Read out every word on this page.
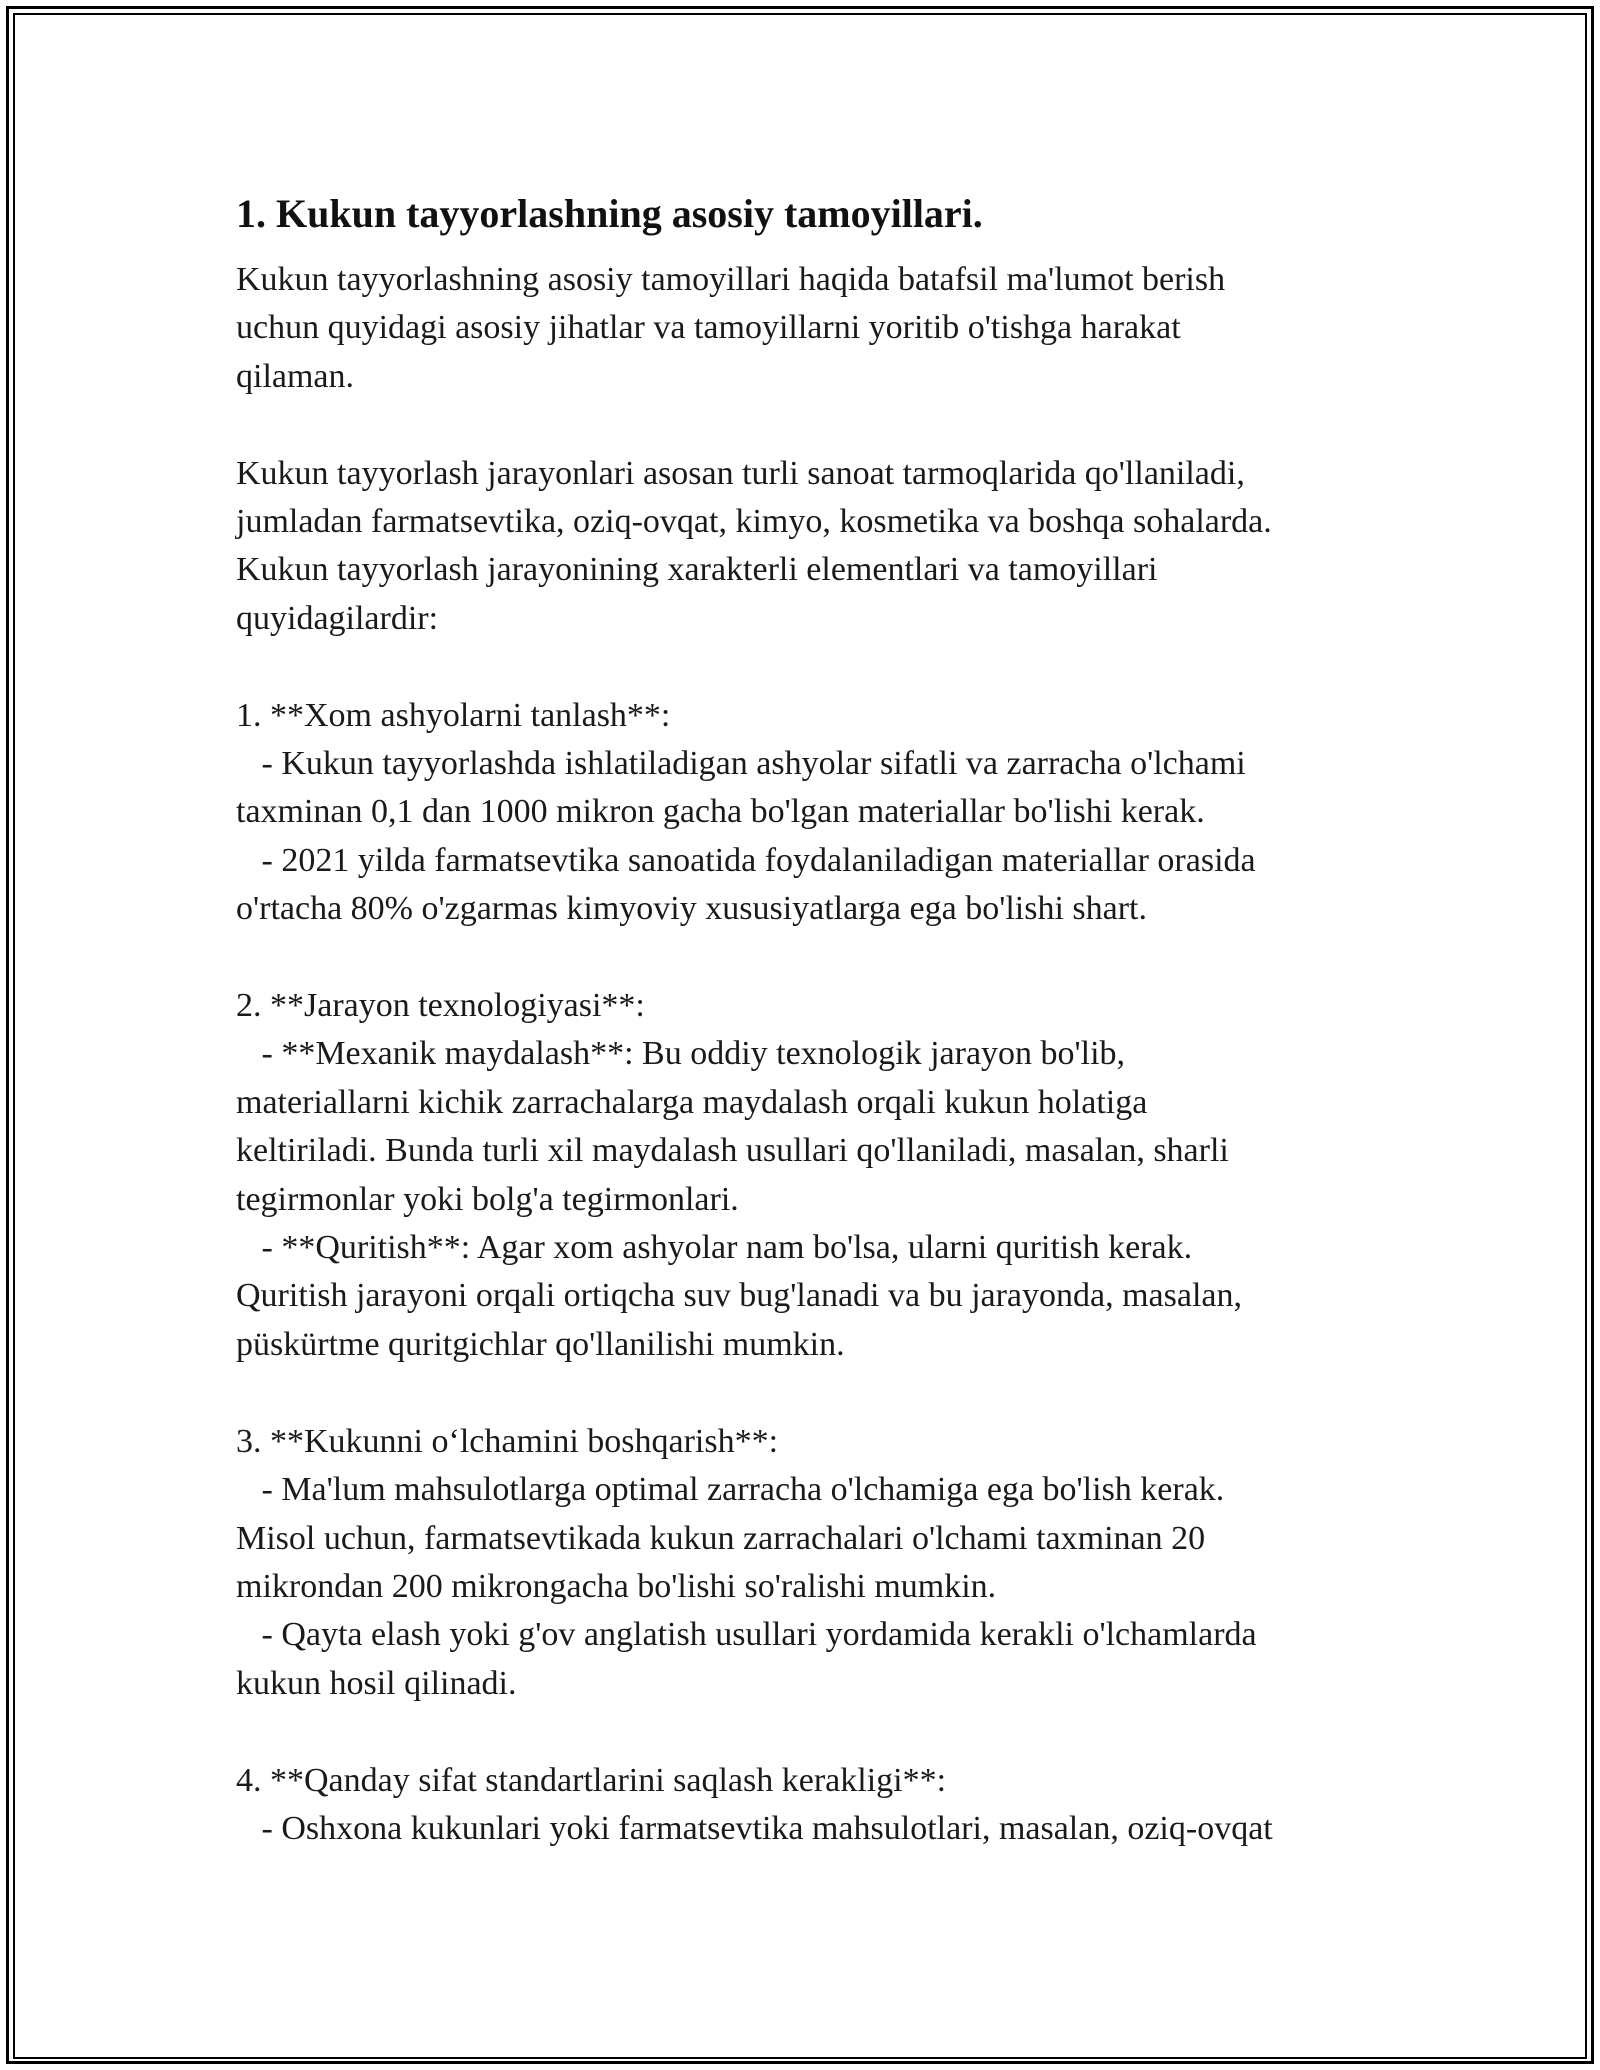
1. Kukun tayyorlashning asosiy tamoyillari.

Kukun tayyorlashning asosiy tamoyillari haqida batafsil ma'lumot berish
uchun quyidagi asosiy jihatlar va tamoyillarni yoritib o'tishga harakat
qilaman.

Kukun tayyorlash jarayonlari asosan turli sanoat tarmoqlarida qo'llaniladi,
jumladan farmatsevtika, oziq-ovqat, kimyo, kosmetika va boshqa sohalarda.
Kukun tayyorlash jarayonining xarakterli elementlari va tamoyillari
quyidagilardir:

1. **Xom ashyolarni tanlash**:
- Kukun tayyorlashda ishlatiladigan ashyolar sifatli va zarracha o'lchami
taxminan 0,1 dan 1000 mikron gacha bo'lgan materiallar bo'lishi kerak.
- 2021 yilda farmatsevtika sanoatida foydalaniladigan materiallar orasida
o'rtacha 80% o'zgarmas kimyoviy xususiyatlarga ega bo'lishi shart.

2. **Jarayon texnologiyasi**:
- **Mexanik maydalash**: Bu oddiy texnologik jarayon bo'lib,
materiallarni kichik zarrachalarga maydalash orqali kukun holatiga
keltiriladi. Bunda turli xil maydalash usullari qo'llaniladi, masalan, sharli
tegirmonlar yoki bolg'a tegirmonlari.
- **Quritish**: Agar xom ashyolar nam bo'lsa, ularni quritish kerak.
Quritish jarayoni orqali ortiqcha suv bug'lanadi va bu jarayonda, masalan,
püskürtme quritgichlar qo'llanilishi mumkin.

3. **Kukunni o‘lchamini boshqarish**:
- Ma'lum mahsulotlarga optimal zarracha o'lchamiga ega bo'lish kerak.
Misol uchun, farmatsevtikada kukun zarrachalari o'lchami taxminan 20
mikrondan 200 mikrongacha bo'lishi so'ralishi mumkin.
- Qayta elash yoki g'ov anglatish usullari yordamida kerakli o'lchamlarda
kukun hosil qilinadi.

4. **Qanday sifat standartlarini saqlash kerakligi**:
- Oshxona kukunlari yoki farmatsevtika mahsulotlari, masalan, oziq-ovqat
